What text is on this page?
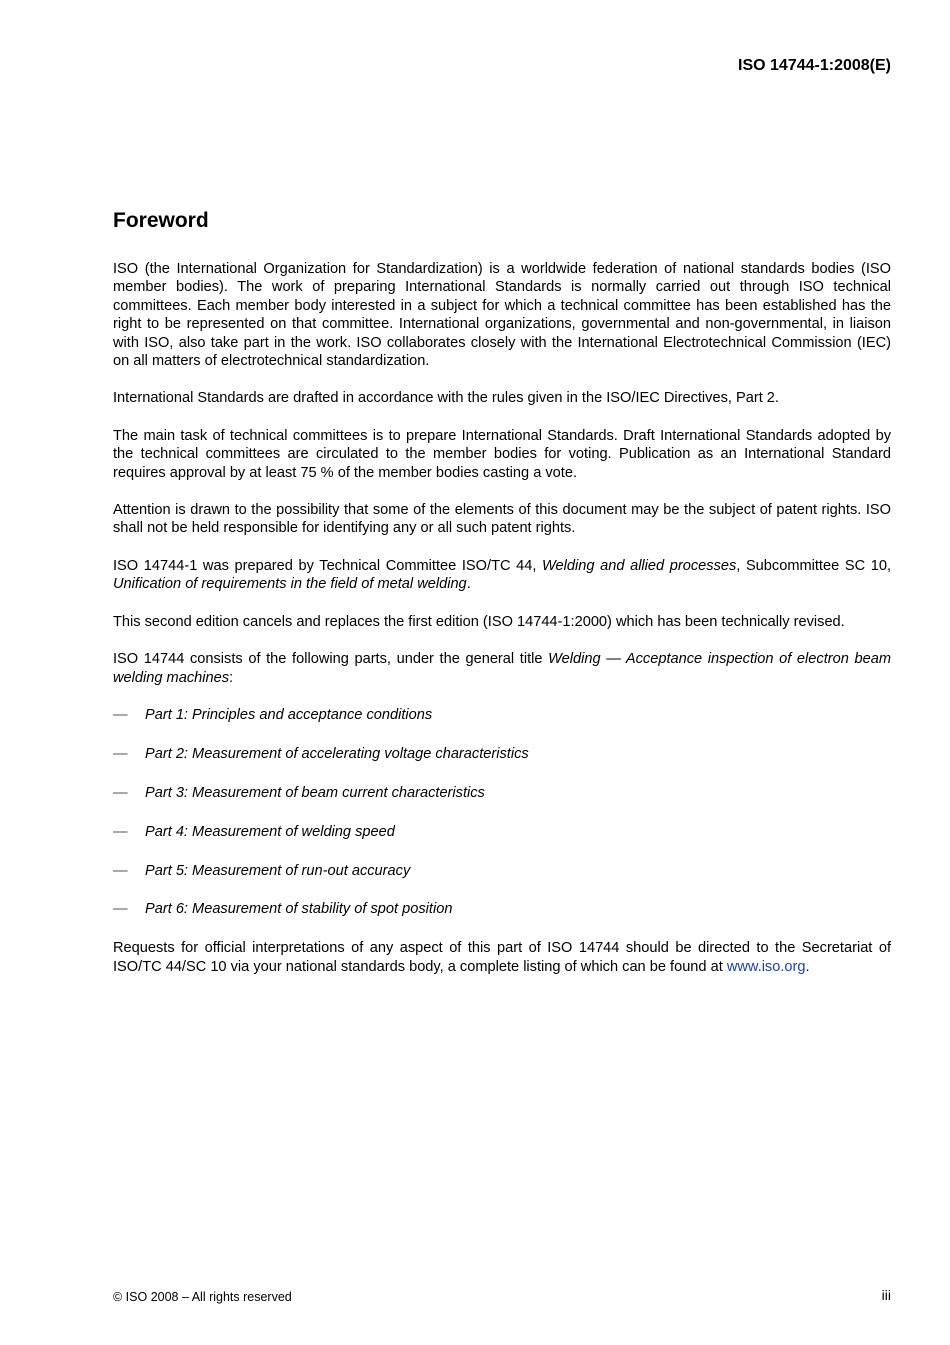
ISO 14744-1:2008(E)
Foreword

ISO (the International Organization for Standardization) is a worldwide federation of national standards bodies (ISO member bodies). The work of preparing International Standards is normally carried out through ISO technical committees. Each member body interested in a subject for which a technical committee has been established has the right to be represented on that committee. International organizations, governmental and non-governmental, in liaison with ISO, also take part in the work. ISO collaborates closely with the International Electrotechnical Commission (IEC) on all matters of electrotechnical standardization.

International Standards are drafted in accordance with the rules given in the ISO/IEC Directives, Part 2.

The main task of technical committees is to prepare International Standards. Draft International Standards adopted by the technical committees are circulated to the member bodies for voting. Publication as an International Standard requires approval by at least 75 % of the member bodies casting a vote.

Attention is drawn to the possibility that some of the elements of this document may be the subject of patent rights. ISO shall not be held responsible for identifying any or all such patent rights.

ISO 14744-1 was prepared by Technical Committee ISO/TC 44, Welding and allied processes, Subcommittee SC 10, Unification of requirements in the field of metal welding.

This second edition cancels and replaces the first edition (ISO 14744-1:2000) which has been technically revised.

ISO 14744 consists of the following parts, under the general title Welding — Acceptance inspection of electron beam welding machines:

— Part 1: Principles and acceptance conditions
— Part 2: Measurement of accelerating voltage characteristics
— Part 3: Measurement of beam current characteristics
— Part 4: Measurement of welding speed
— Part 5: Measurement of run-out accuracy
— Part 6: Measurement of stability of spot position

Requests for official interpretations of any aspect of this part of ISO 14744 should be directed to the Secretariat of ISO/TC 44/SC 10 via your national standards body, a complete listing of which can be found at www.iso.org.

© ISO 2008 – All rights reserved	iii
